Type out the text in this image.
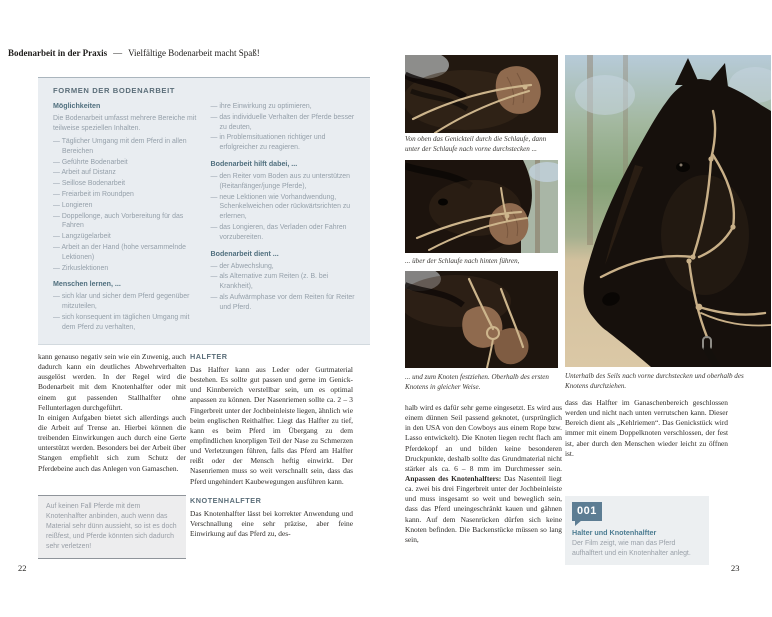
Bodenarbeit in der Praxis — Vielfältige Bodenarbeit macht Spaß!
FORMEN DER BODENARBEIT
Möglichkeiten

Die Bodenarbeit umfasst mehrere Bereiche mit teilweise speziellen Inhalten.

— Täglicher Umgang mit dem Pferd in allen Bereichen
— Geführte Bodenarbeit
— Arbeit auf Distanz
— Seillose Bodenarbeit
— Freiarbeit im Roundpen
— Longieren
— Doppellonge, auch Vorbereitung für das Fahren
— Langzügelarbeit
— Arbeit an der Hand (hohe versammelnde Lektionen)
— Zirkuslektionen
Menschen lernen, ...
— sich klar und sicher dem Pferd gegenüber mitzuteilen,
— sich konsequent im täglichen Umgang mit dem Pferd zu verhalten,
— ihre Einwirkung zu optimieren,
— das individuelle Verhalten der Pferde besser zu deuten,
— in Problemsituationen richtiger und erfolgreicher zu reagieren.
Bodenarbeit hilft dabei, ...
— den Reiter vom Boden aus zu unterstützen (Reitanfänger/junge Pferde),
— neue Lektionen wie Vorhandwendung, Schenkelweichen oder rückwärtsrichten zu erlernen,
— das Longieren, das Verladen oder Fahren vorzubereiten.
Bodenarbeit dient ...
— der Abwechslung,
— als Alternative zum Reiten (z. B. bei Krankheit),
— als Aufwärmphase vor dem Reiten für Reiter und Pferd.

kann genauso negativ sein wie ein Zuwenig, auch dadurch kann ein deutliches Abwehrverhalten ausgelöst werden. In der Regel wird die Bodenarbeit mit dem Knotenhalfter oder mit einem gut passenden Stallhalfter ohne Fellunterlagen durchgeführt.

In einigen Aufgaben bietet sich allerdings auch die Arbeit auf Trense an. Hierbei können die treibenden Einwirkungen auch durch eine Gerte unterstützt werden. Besonders bei der Arbeit über Stangen empfiehlt sich zum Schutz der Pferdebeine auch das Anlegen von Gamaschen.

Auf keinen Fall Pferde mit dem Knotenhalfter anbinden, auch wenn das Material sehr dünn aussieht, so ist es doch reißfest, und Pferde könnten sich dadurch sehr verletzen!
HALFTER

Das Halfter kann aus Leder oder Gurtmaterial bestehen. Es sollte gut passen und gerne im Genick- und Kinnbereich verstellbar sein, um es optimal anpassen zu können. Der Nasenriemen sollte ca. 2 – 3 Fingerbreit unter der Jochbeinleiste liegen, ähnlich wie beim englischen Reithalfter. Liegt das Halfter zu tief, kann es beim Pferd im Übergang zu dem empfindlichen knorpligen Teil der Nase zu Schmerzen und Verletzungen führen, falls das Pferd am Halfter reißt oder der Mensch heftig einwirkt. Der Nasenriemen muss so weit verschnallt sein, dass das Pferd ungehindert Kaubewegungen ausführen kann.

KNOTENHALFTER

Das Knotenhalfter lässt bei korrekter Anwendung und Verschnallung eine sehr präzise, aber feine Einwirkung auf das Pferd zu, des-

Von oben das Genickteil durch die Schlaufe, dann unter der Schlaufe nach vorne durchstecken ...
... über der Schlaufe nach hinten führen,
... und zum Knoten festziehen. Oberhalb des ersten Knotens in gleicher Weise.
Unterhalb des Seils nach vorne durchstecken und oberhalb des Knotens durchziehen.

halb wird es dafür sehr gerne eingesetzt. Es wird aus einem dünnen Seil passend geknotet, (ursprünglich in den USA von den Cowboys aus einem Rope bzw. Lasso entwickelt). Die Knoten liegen recht flach am Pferdekopf an und bilden keine besonderen Druckpunkte, deshalb sollte das Grundmaterial nicht stärker als ca. 6 – 8 mm im Durchmesser sein. Anpassen des Knotenhalfters: Das Nasenteil liegt ca. zwei bis drei Fingerbreit unter der Jochbeinleiste und muss insgesamt so weit und beweglich sein, dass das Pferd uneingeschränkt kauen und gähnen kann. Auf dem Nasenrücken dürfen sich keine Knoten befinden. Die Backenstücke müssen so lang sein,

dass das Halfter im Ganaschenbereich geschlossen werden und nicht nach unten verrutschen kann. Dieser Bereich dient als „Kehlriemen“. Das Genickstück wird immer mit einem Doppelknoten verschlossen, der fest ist, aber durch den Menschen wieder leicht zu öffnen ist.

001
Halter und Knotenhalfter
Der Film zeigt, wie man das Pferd aufhalftert und ein Knotenhalter anlegt.
22	23
